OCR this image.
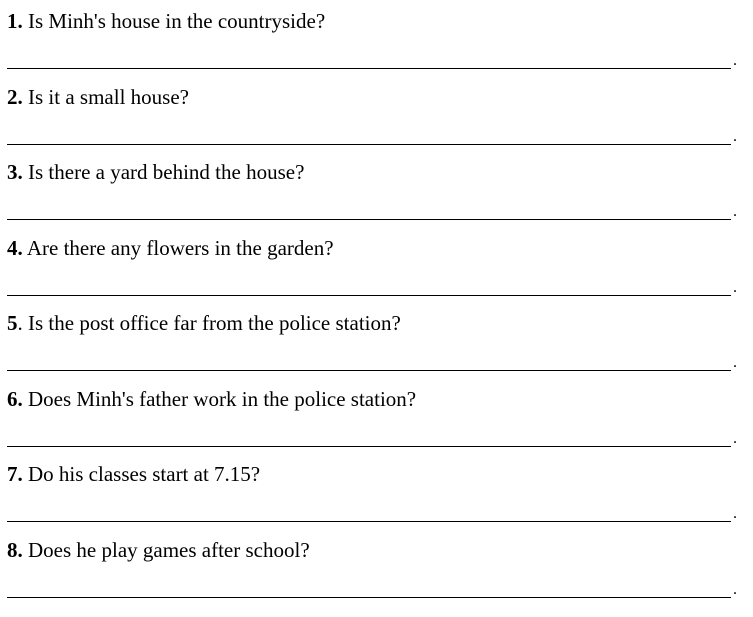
1. Is Minh's house in the countryside?
.
2. Is it a small house?
.
3. Is there a yard behind the house?
.
4. Are there any flowers in the garden?
.
5. Is the post office far from the police station?
.
6. Does Minh's father work in the police station?
.
7. Do his classes start at 7.15?
.
8. Does he play games after school?
.
